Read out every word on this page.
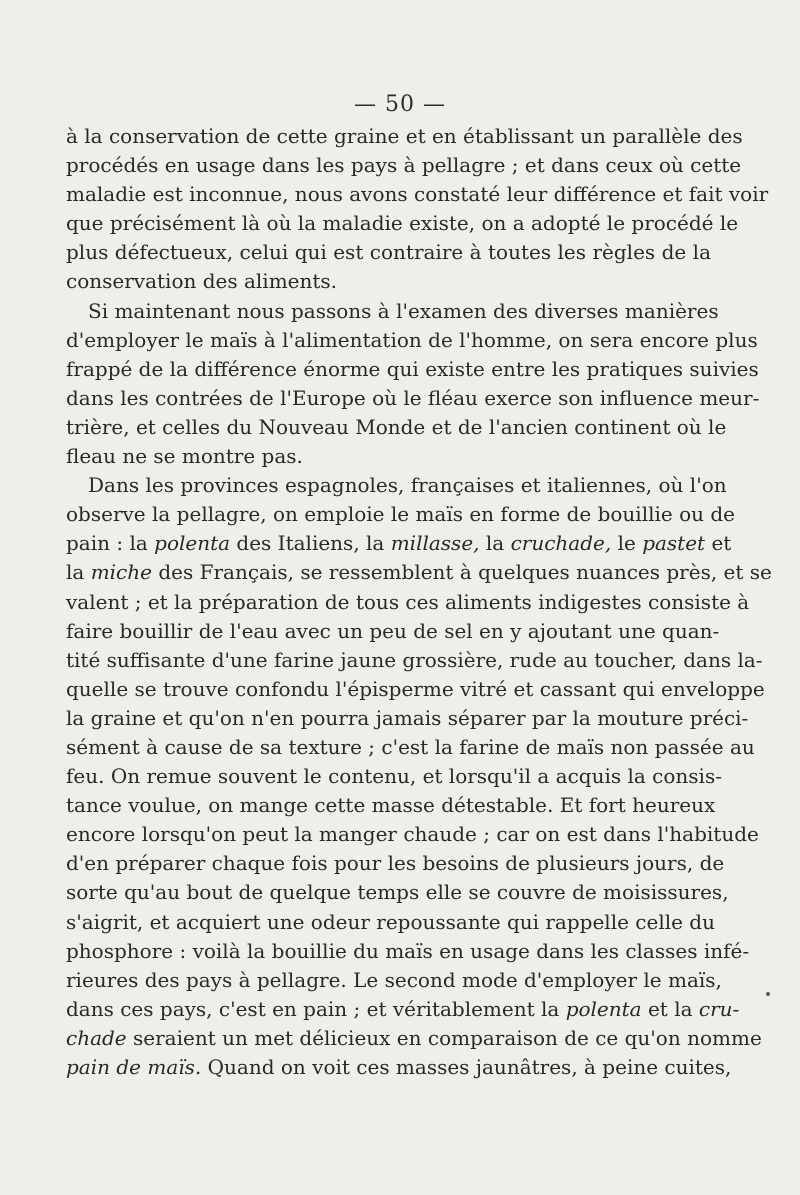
— 50 —
à la conservation de cette graine et en établissant un parallèle des
procédés en usage dans les pays à pellagre ; et dans ceux où cette
maladie est inconnue, nous avons constaté leur différence et fait voir
que précisément là où la maladie existe, on a adopté le procédé le
plus défectueux, celui qui est contraire à toutes les règles de la
conservation des aliments.
Si maintenant nous passons à l'examen des diverses manières
d'employer le maïs à l'alimentation de l'homme, on sera encore plus
frappé de la différence énorme qui existe entre les pratiques suivies
dans les contrées de l'Europe où le fléau exerce son influence meur-
trière, et celles du Nouveau Monde et de l'ancien continent où le
fleau ne se montre pas.
Dans les provinces espagnoles, françaises et italiennes, où l'on
observe la pellagre, on emploie le maïs en forme de bouillie ou de
pain : la polenta des Italiens, la millasse, la cruchade, le pastet et
la miche des Français, se ressemblent à quelques nuances près, et se
valent ; et la préparation de tous ces aliments indigestes consiste à
faire bouillir de l'eau avec un peu de sel en y ajoutant une quan-
tité suffisante d'une farine jaune grossière, rude au toucher, dans la-
quelle se trouve confondu l'épisperme vitré et cassant qui enveloppe
la graine et qu'on n'en pourra jamais séparer par la mouture préci-
sément à cause de sa texture ; c'est la farine de maïs non passée au
feu. On remue souvent le contenu, et lorsqu'il a acquis la consis-
tance voulue, on mange cette masse détestable. Et fort heureux
encore lorsqu'on peut la manger chaude ; car on est dans l'habitude
d'en préparer chaque fois pour les besoins de plusieurs jours, de
sorte qu'au bout de quelque temps elle se couvre de moisissures,
s'aigrit, et acquiert une odeur repoussante qui rappelle celle du
phosphore : voilà la bouillie du maïs en usage dans les classes infé-
rieures des pays à pellagre. Le second mode d'employer le maïs,
dans ces pays, c'est en pain ; et véritablement la polenta et la cru-
chade seraient un met délicieux en comparaison de ce qu'on nomme
pain de maïs. Quand on voit ces masses jaunâtres, à peine cuites,
